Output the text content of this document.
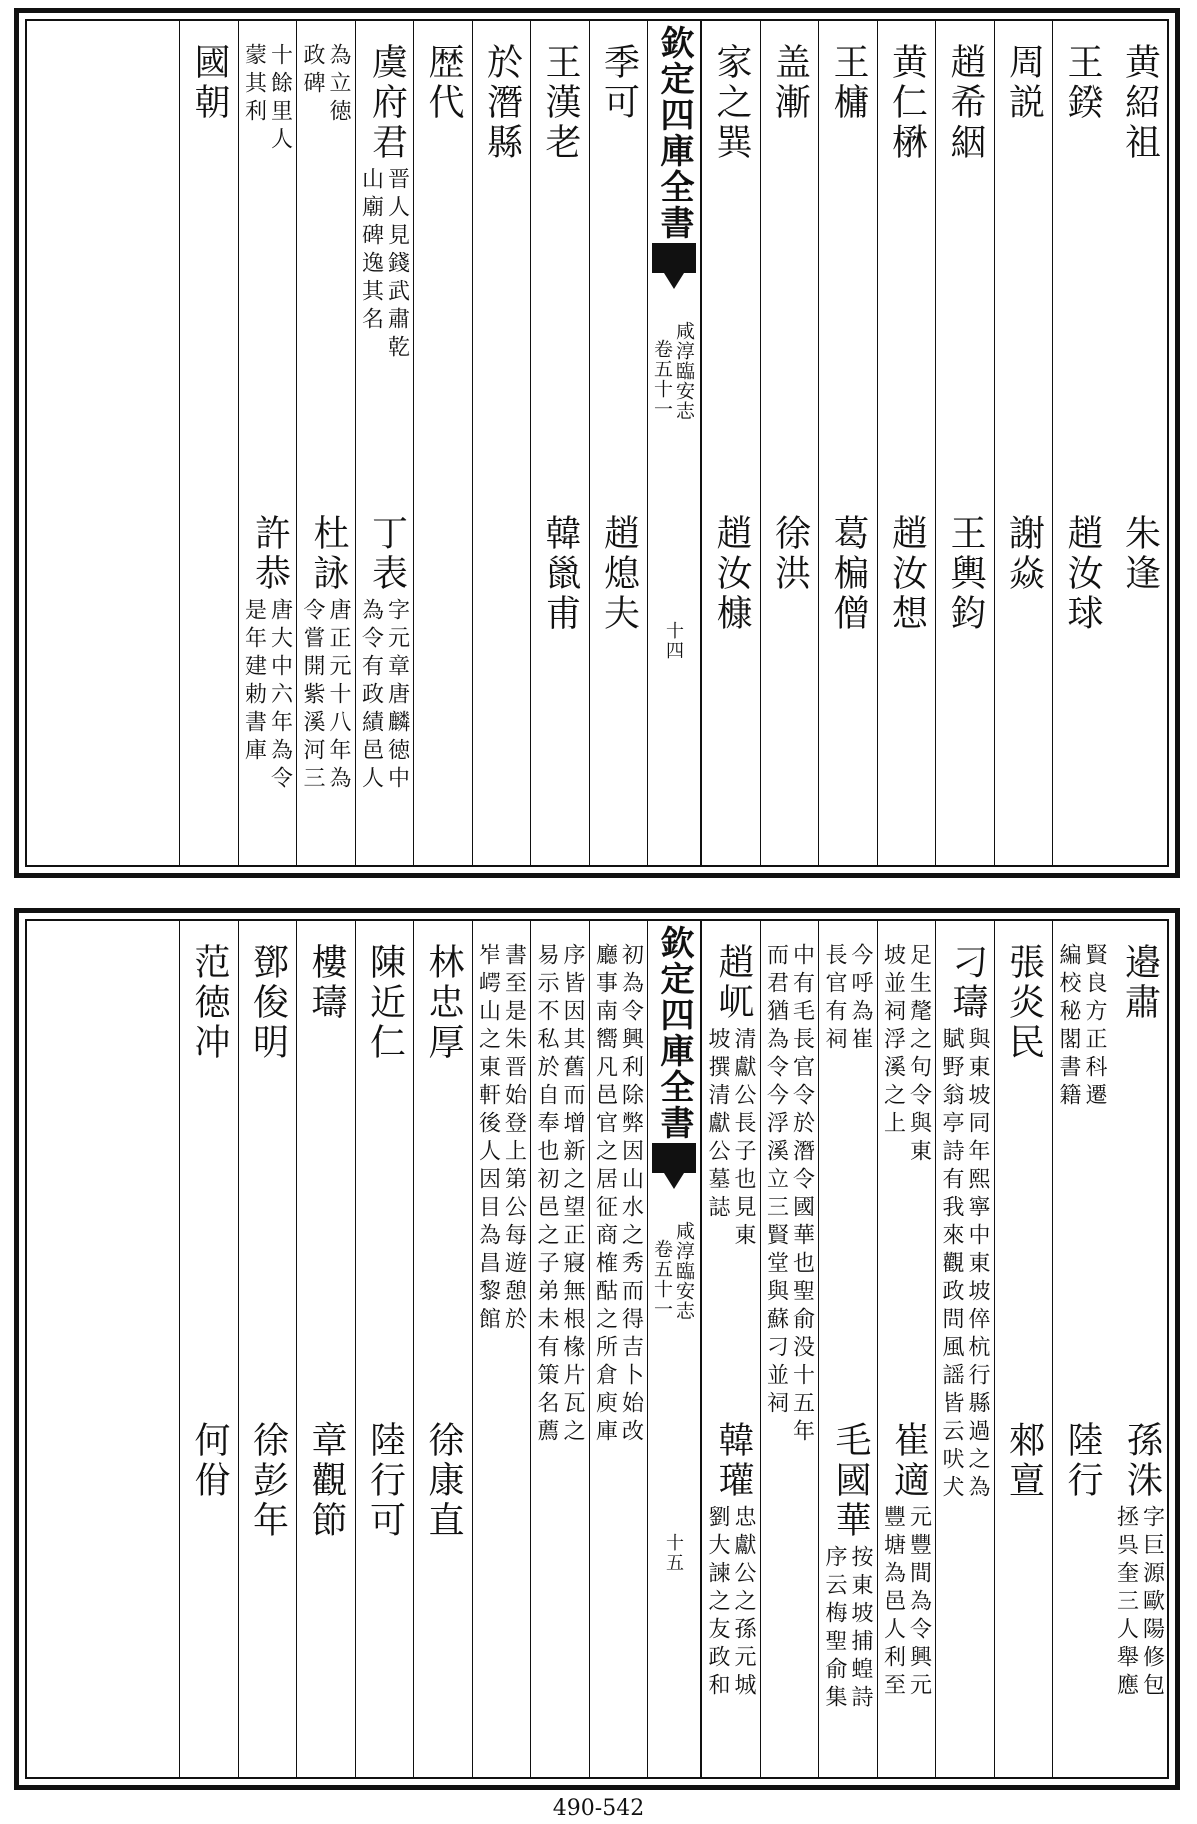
黄紹祖
朱逢
王鍨
趙汝球
周説
謝焱
趙希絪
王輿鈞
黄仁楙
趙汝想
王槦
葛楄僧
盖漸
徐洪
家之巽
趙汝槺
欽定四庫全書
咸淳臨安志
卷五十一
十四
季可
趙熄夫
王漢老
韓巤甫
於潛縣
歴代
虞府君
晋人見錢武肅乾
山廟碑逸其名
丁表
字元章唐麟徳中
為令有政績邑人
為立徳
政碑
杜詠
唐正元十八年為
令嘗開紫溪河三
十餘里人
蒙其利
許恭
唐大中六年為令
是年建勅書庫
國朝
邉肅
孫洙
字巨源歐陽修包
拯呉奎三人舉應
賢良方正科遷
編校秘閣書籍
陸行
張炎民
郲亶
刁璹
與東坡同年熙寧中東坡倅杭行縣過之為
賦野翁亭詩有我來觀政問風謡皆云吠犬
足生氂之句令與東
坡並祠浮溪之上
崔適
元豐間為令興元
豐塘為邑人利至
今呼為崔
長官有祠
毛國華
按東坡捕蝗詩
序云梅聖俞集
中有毛長官令於潛令國華也聖俞没十五年
而君猶為令今浮溪立三賢堂與蘇刁並祠
趙屼
清獻公長子也見東
坡撰清獻公墓誌
韓瓘
忠獻公之孫元城
劉大諫之友政和
欽定四庫全書
咸淳臨安志
卷五十一
十五
初為令興利除弊因山水之秀而得吉卜始改
廳事南嚮凡邑官之居征商榷酤之所倉庾庫
序皆因其舊而增新之望正寢無根椽片瓦之
易示不私於自奉也初邑之子弟未有策名薦
書至是朱晋始登上第公每遊憩於
岝崿山之東軒後人因目為昌黎館
林忠厚
徐康直
陳近仁
陸行可
樓璹
章觀節
鄧俊明
徐彭年
范徳冲
何佾
490-542
